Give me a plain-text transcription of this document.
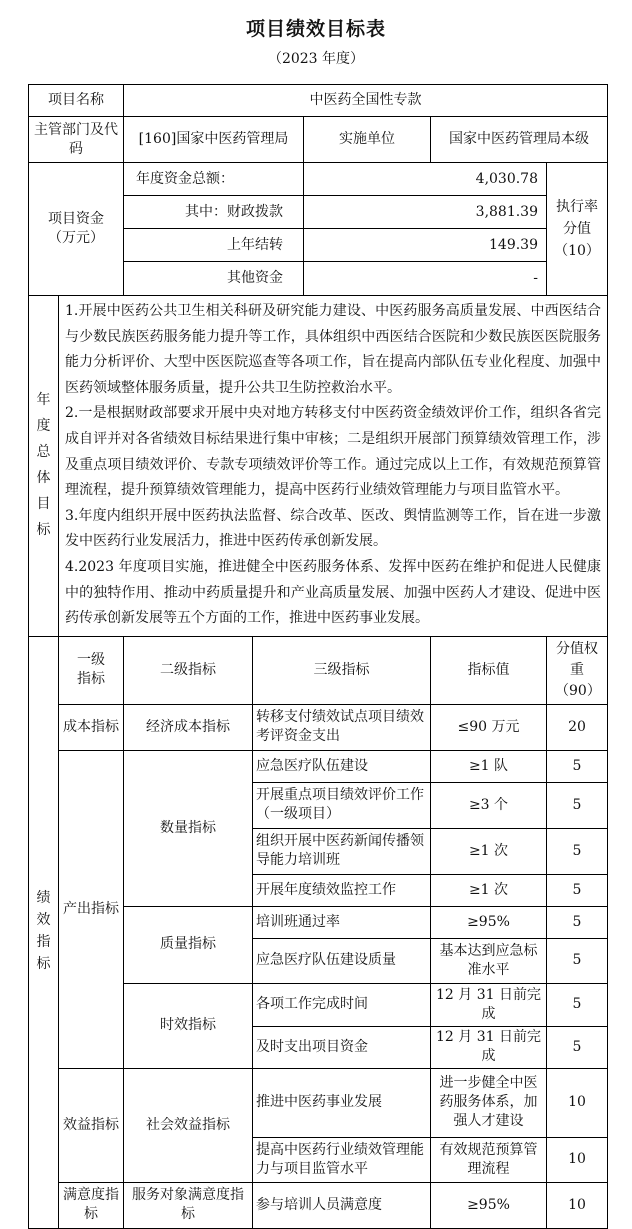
项目绩效目标表
（2023 年度）
项目名称	中医药全国性专款			
主管部门及代码	[160]国家中医药管理局	实施单位	国家中医药管理局本级	
项目资金（万元）	年度资金总额：	4,030.78		执行率分值（10）
	其中：财政拨款	3,881.39		
	上年结转	149.39		
	其他资金	-		
年度总体目标	1.开展中医药公共卫生相关科研及研究能力建设、中医药服务高质量发展、中西医结合与少数民族医药服务能力提升等工作，具体组织中西医结合医院和少数民族医医院服务能力分析评价、大型中医医院巡查等各项工作，旨在提高内部队伍专业化程度、加强中医药领域整体服务质量，提升公共卫生防控救治水平。
2.一是根据财政部要求开展中央对地方转移支付中医药资金绩效评价工作，组织各省完成自评并对各省绩效目标结果进行集中审核；二是组织开展部门预算绩效管理工作，涉及重点项目绩效评价、专款专项绩效评价等工作。通过完成以上工作，有效规范预算管理流程，提升预算绩效管理能力，提高中医药行业绩效管理能力与项目监管水平。
3.年度内组织开展中医药执法监督、综合改革、医改、舆情监测等工作，旨在进一步激发中医药行业发展活力，推进中医药传承创新发展。
4.2023 年度项目实施，推进健全中医药服务体系、发挥中医药在维护和促进人民健康中的独特作用、推动中药质量提升和产业高质量发展、加强中医药人才建设、促进中医药传承创新发展等五个方面的工作，推进中医药事业发展。				

绩效指标	一级指标	二级指标	三级指标	指标值	分值权重（90）
	成本指标	经济成本指标	转移支付绩效试点项目绩效考评资金支出	≤90 万元	20
	产出指标	数量指标	应急医疗队伍建设	≥1 队	5
			开展重点项目绩效评价工作（一级项目）	≥3 个	5
			组织开展中医药新闻传播领导能力培训班	≥1 次	5
			开展年度绩效监控工作	≥1 次	5
		质量指标	培训班通过率	≥95%	5
			应急医疗队伍建设质量	基本达到应急标准水平	5
		时效指标	各项工作完成时间	12 月 31 日前完成	5
			及时支出项目资金	12 月 31 日前完成	5
	效益指标	社会效益指标	推进中医药事业发展	进一步健全中医药服务体系，加强人才建设	10
			提高中医药行业绩效管理能力与项目监管水平	有效规范预算管理流程	10
	满意度指标	服务对象满意度指标	参与培训人员满意度	≥95%	10
